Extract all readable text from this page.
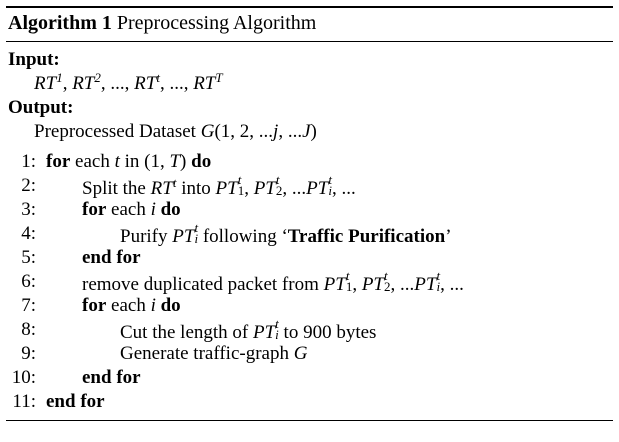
Algorithm 1 Preprocessing Algorithm
Input:
$RT^1$, $RT^2$, ..., $RT^t$, ..., $RT^T$
Output:
Preprocessed Dataset G(1, 2, ...j, ...J)
1: for each t in (1, T) do
2: Split the $RT^t$ into PT t
1 , PT t
2 , ...PT t
i , ...
3: for each i do
4:	Purify PT t
i following ‘Traffic Purification’
5: end for
6: remove duplicated packet from PT t
1 , PT t
2 , ...PT t
i , ...
7: for each i do
8:	Cut the length of PT t
i to 900 bytes
9:	Generate traffic-graph G
10: end for
11: end for
